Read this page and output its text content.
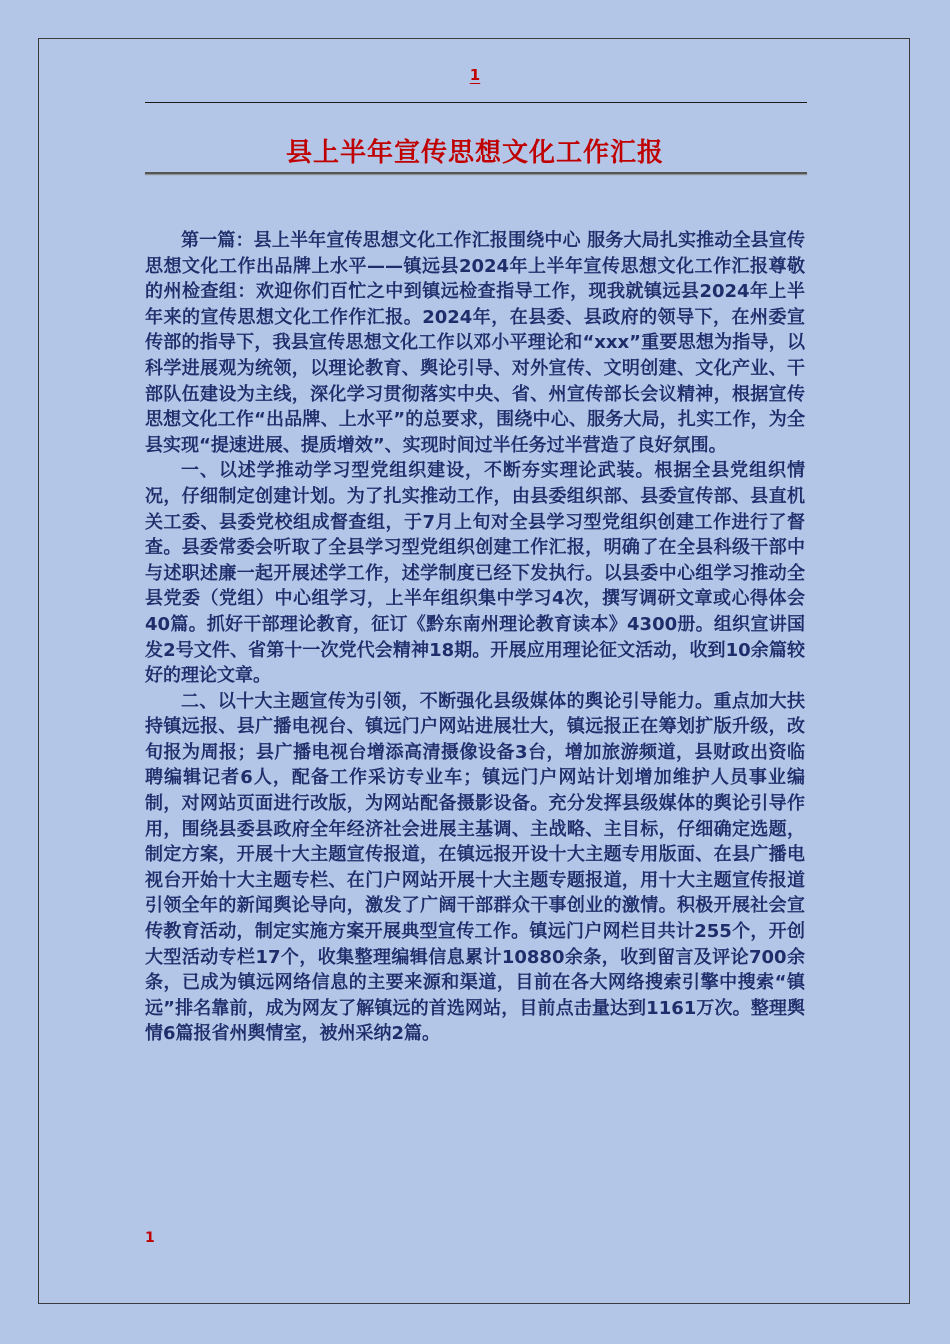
1
县上半年宣传思想文化工作汇报

第一篇：县上半年宣传思想文化工作汇报围绕中心 服务大局扎实推动全县宣传思想文化工作出品牌上水平——镇远县2024年上半年宣传思想文化工作汇报尊敬的州检查组：欢迎你们百忙之中到镇远检查指导工作，现我就镇远县2024年上半年来的宣传思想文化工作作汇报。2024年，在县委、县政府的领导下，在州委宣传部的指导下，我县宣传思想文化工作以邓小平理论和“xxx”重要思想为指导，以科学进展观为统领，以理论教育、舆论引导、对外宣传、文明创建、文化产业、干部队伍建设为主线，深化学习贯彻落实中央、省、州宣传部长会议精神，根据宣传思想文化工作“出品牌、上水平”的总要求，围绕中心、服务大局，扎实工作，为全县实现“提速进展、提质增效”、实现时间过半任务过半营造了良好氛围。

一、以述学推动学习型党组织建设，不断夯实理论武装。根据全县党组织情况，仔细制定创建计划。为了扎实推动工作，由县委组织部、县委宣传部、县直机关工委、县委党校组成督查组，于7月上旬对全县学习型党组织创建工作进行了督查。县委常委会听取了全县学习型党组织创建工作汇报，明确了在全县科级干部中与述职述廉一起开展述学工作，述学制度已经下发执行。以县委中心组学习推动全县党委（党组）中心组学习，上半年组织集中学习4次，撰写调研文章或心得体会40篇。抓好干部理论教育，征订《黔东南州理论教育读本》4300册。组织宣讲国发2号文件、省第十一次党代会精神18期。开展应用理论征文活动，收到10余篇较好的理论文章。

二、以十大主题宣传为引领，不断强化县级媒体的舆论引导能力。重点加大扶持镇远报、县广播电视台、镇远门户网站进展壮大，镇远报正在筹划扩版升级，改旬报为周报；县广播电视台增添高清摄像设备3台，增加旅游频道，县财政出资临聘编辑记者6人，配备工作采访专业车；镇远门户网站计划增加维护人员事业编制，对网站页面进行改版，为网站配备摄影设备。充分发挥县级媒体的舆论引导作用，围绕县委县政府全年经济社会进展主基调、主战略、主目标，仔细确定选题，制定方案，开展十大主题宣传报道，在镇远报开设十大主题专用版面、在县广播电视台开始十大主题专栏、在门户网站开展十大主题专题报道，用十大主题宣传报道引领全年的新闻舆论导向，激发了广阔干部群众干事创业的激情。积极开展社会宣传教育活动，制定实施方案开展典型宣传工作。镇远门户网栏目共计255个，开创大型活动专栏17个，收集整理编辑信息累计10880余条，收到留言及评论700余条，已成为镇远网络信息的主要来源和渠道，目前在各大网络搜索引擎中搜索“镇远”排名靠前，成为网友了解镇远的首选网站，目前点击量达到1161万次。整理舆情6篇报省州舆情室，被州采纳2篇。

1
